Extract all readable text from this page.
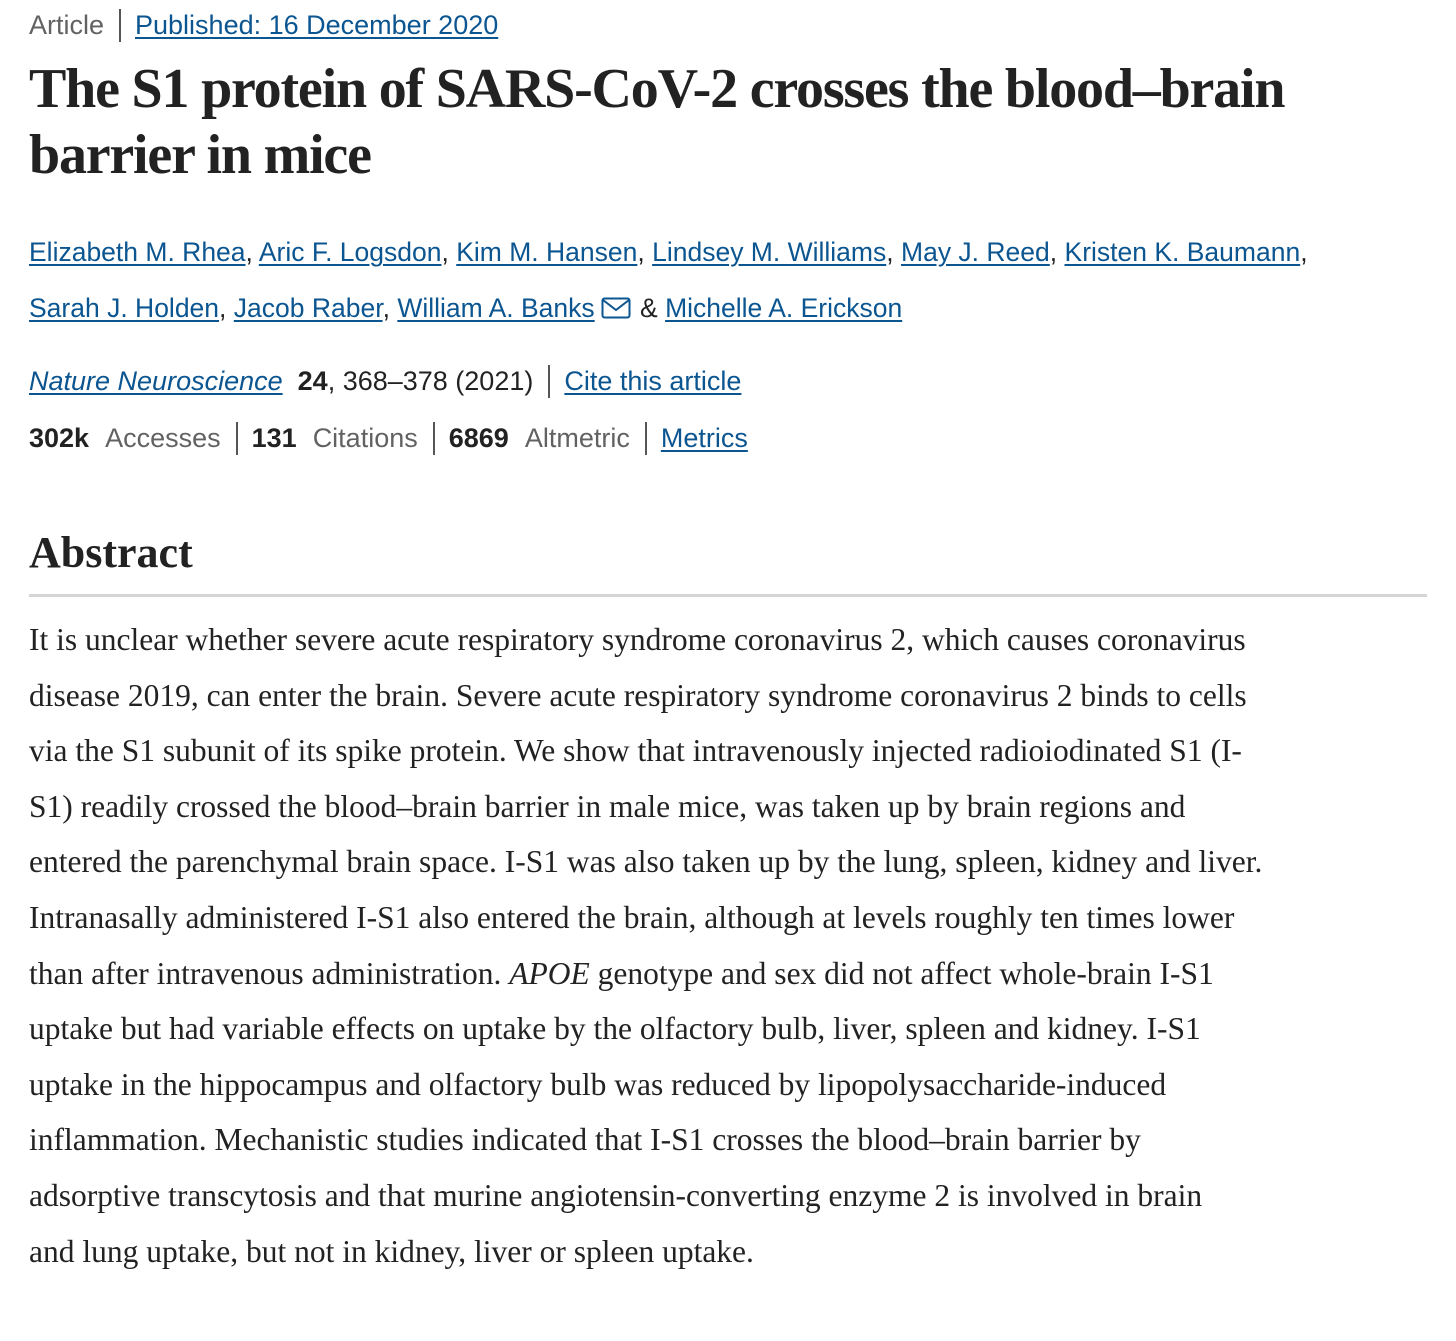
Article Published: 16 December 2020
The S1 protein of SARS-CoV-2 crosses the blood–brain barrier in mice
Elizabeth M. Rhea, Aric F. Logsdon, Kim M. Hansen, Lindsey M. Williams, May J. Reed, Kristen K. Baumann,
Sarah J. Holden, Jacob Raber, William A. Banks & Michelle A. Erickson
Nature Neuroscience 24 , 368–378 (2021) Cite this article
302k Accesses 131 Citations 6869 Altmetric Metrics
Abstract

It is unclear whether severe acute respiratory syndrome coronavirus 2, which causes coronavirus
disease 2019, can enter the brain. Severe acute respiratory syndrome coronavirus 2 binds to cells
via the S1 subunit of its spike protein. We show that intravenously injected radioiodinated S1 (I-
S1) readily crossed the blood–brain barrier in male mice, was taken up by brain regions and
entered the parenchymal brain space. I-S1 was also taken up by the lung, spleen, kidney and liver.
Intranasally administered I-S1 also entered the brain, although at levels roughly ten times lower
than after intravenous administration. APOE genotype and sex did not affect whole-brain I-S1
uptake but had variable effects on uptake by the olfactory bulb, liver, spleen and kidney. I-S1
uptake in the hippocampus and olfactory bulb was reduced by lipopolysaccharide-induced
inflammation. Mechanistic studies indicated that I-S1 crosses the blood–brain barrier by
adsorptive transcytosis and that murine angiotensin-converting enzyme 2 is involved in brain
and lung uptake, but not in kidney, liver or spleen uptake.
